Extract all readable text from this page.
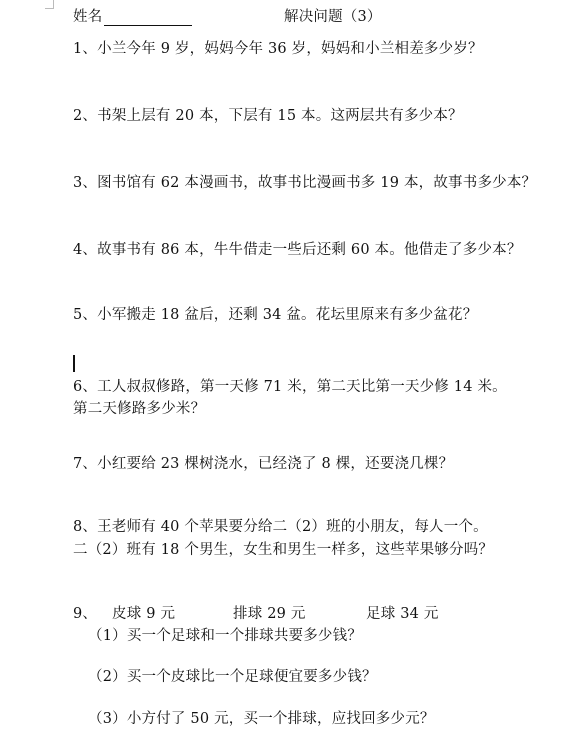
姓名	解决问题（3）
1、小兰今年 9 岁，妈妈今年 36 岁，妈妈和小兰相差多少岁？
2、书架上层有 20 本，下层有 15 本。这两层共有多少本？
3、图书馆有 62 本漫画书，故事书比漫画书多 19 本，故事书多少本？
4、故事书有 86 本，牛牛借走一些后还剩 60 本。他借走了多少本？
5、小军搬走 18 盆后，还剩 34 盆。花坛里原来有多少盆花？
6、工人叔叔修路，第一天修 71 米，第二天比第一天少修 14 米。
第二天修路多少米？
7、小红要给 23 棵树浇水，已经浇了 8 棵，还要浇几棵？
8、王老师有 40 个苹果要分给二（2）班的小朋友，每人一个。
二（2）班有 18 个男生，女生和男生一样多，这些苹果够分吗？
9、 皮球 9 元	排球 29 元	足球 34 元
（1）买一个足球和一个排球共要多少钱？
（2）买一个皮球比一个足球便宜要多少钱？
（3）小方付了 50 元，买一个排球，应找回多少元？
